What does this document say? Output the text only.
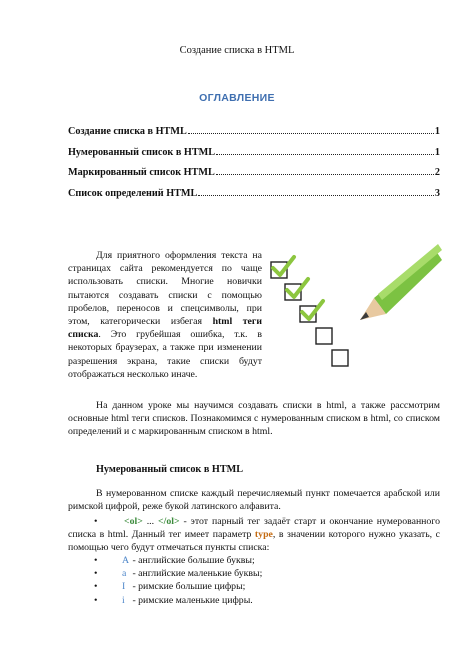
Создание списка в HTML
ОГЛАВЛЕНИЕ
Создание списка в HTML	1
Нумерованный список в HTML	1
Маркированный список HTML	2
Список определений HTML	3
Для приятного оформления текста на страницах сайта рекомендуется по чаще использовать списки. Многие новички пытаются создавать списки с помощью пробелов, переносов и спецсимволы, при этом, категорически избегая html теги списка. Это грубейшая ошибка, т.к. в некоторых браузерах, а также при изменении разрешения экрана, такие списки будут отображаться несколько иначе.
На данном уроке мы научимся создавать списки в html, а также рассмотрим основные html теги списков. Познакомимся с нумерованным списком в html, со списком определений и с маркированным списком в html.
Нумерованный список в HTML
В нумерованном списке каждый перечисляемый пункт помечается арабской или римской цифрой, реже букой латинского алфавита.
•	<ol> ... </ol> - этот парный тег задаёт старт и окончание нумерованного списка в html. Данный тег имеет параметр type, в значении которого нужно указать, с помощью чего будут отмечаться пункты списка:
•	A - английские большие буквы;
•	a - английские маленькие буквы;
•	I - римские большие цифры;
•	i - римские маленькие цифры.
